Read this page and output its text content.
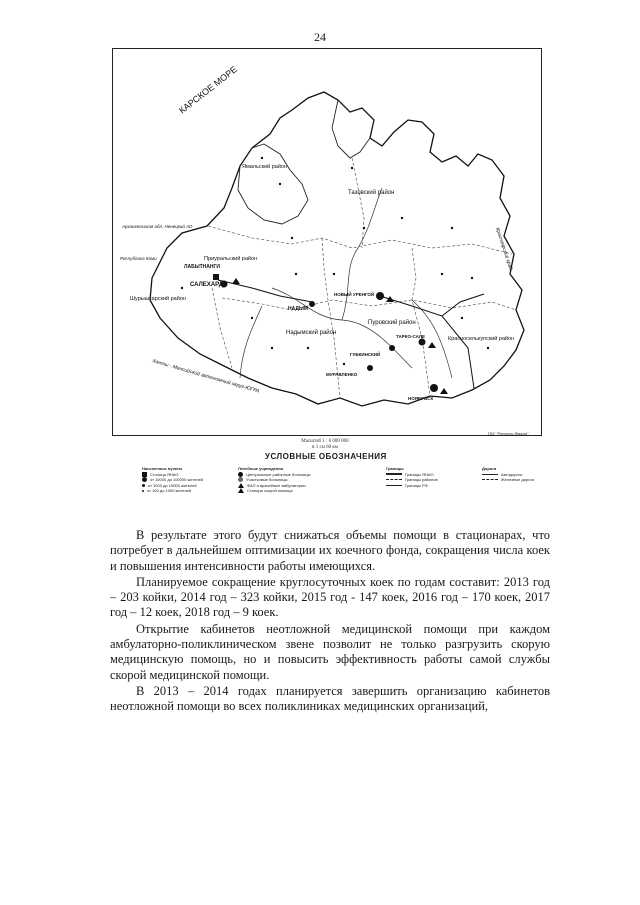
24
КАРСКОЕ МОРЕ
Ямальский район
Тазовский район
Приуральский район
Шурышкарский район
Надымский район
Пуровский район
Красноселькупский район
Архангельская обл. Ненецкий АО
Республика Коми
Ханты - Мансийский автономный округ-ЮГРА
Красноярский край
ЛАБЫТНАНГИ
САЛЕХАРД
НАДЫМ
НОВЫЙ УРЕНГОЙ
ТАРКО-САЛЕ
ГУБКИНСКИЙ
НОЯБРЬСК
МУРАВЛЕНКО
ГБУ "Ресурсы Ямала"
Масштаб 1 : 6 000 000
в 1 см 60 км
УСЛОВНЫЕ ОБОЗНАЧЕНИЯ
Населенные пункты
Столица ЯНАО
от 10000 до 100000 жителей
от 1000 до 10000 жителей
от 100 до 1000 жителей
Лечебные учреждения
Центральные районные больницы
Участковые больницы
ФАП и врачебные амбулатории
Станции скорой помощи
Границы
Границы ЯНАО
Границы районов
Границы РФ
Дороги
Автодороги
Железные дороги

В результате этого будут снижаться объемы помощи в стационарах, что потребует в дальнейшем оптимизации их коечного фонда, сокращения числа коек и повышения интенсивности работы имеющихся.

Планируемое сокращение круглосуточных коек по годам составит: 2013 год – 203 койки, 2014 год – 323 койки, 2015 год - 147 коек, 2016 год – 170 коек, 2017 год – 12 коек, 2018 год – 9 коек.

Открытие кабинетов неотложной медицинской помощи при каждом амбулаторно-поликлиническом звене позволит не только разгрузить скорую медицинскую помощь, но и повысить эффективность работы самой службы скорой медицинской помощи.

В 2013 – 2014 годах планируется завершить организацию кабинетов неотложной помощи во всех поликлиниках медицинских организаций,
